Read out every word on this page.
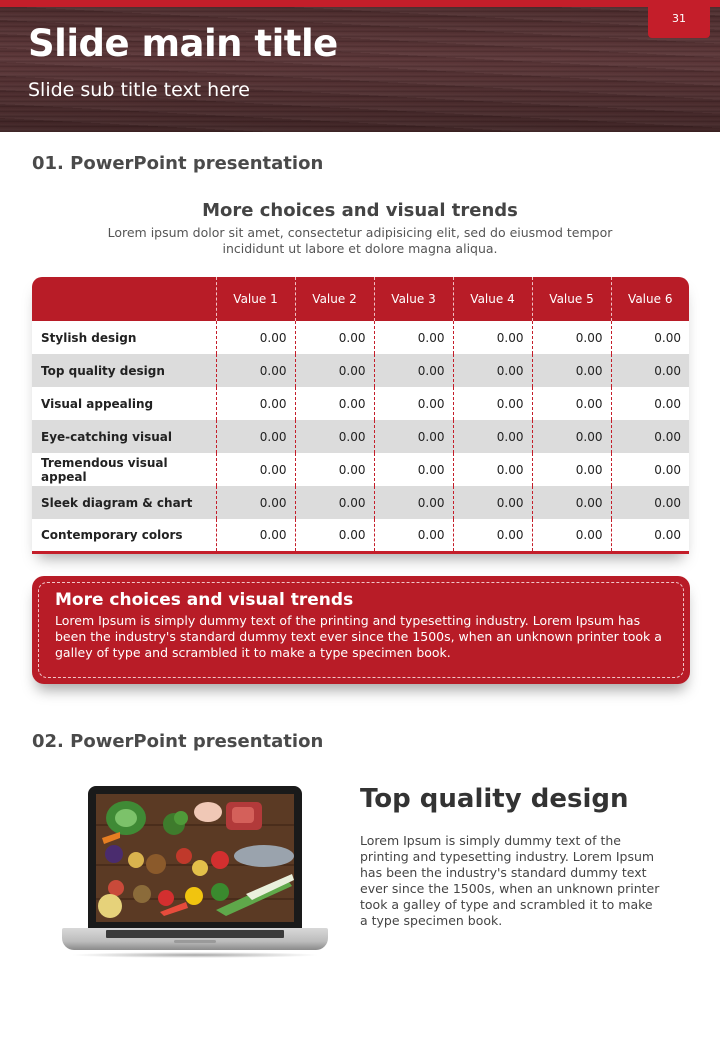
31
Slide main title
Slide sub title text here
01. PowerPoint presentation
More choices and visual trends
Lorem ipsum dolor sit amet, consectetur adipisicing elit, sed do eiusmod tempor incididunt ut labore et dolore magna aliqua.
	Value 1	Value 2	Value 3	Value 4	Value 5	Value 6
Stylish design	0.00	0.00	0.00	0.00	0.00	0.00
Top quality design	0.00	0.00	0.00	0.00	0.00	0.00
Visual appealing	0.00	0.00	0.00	0.00	0.00	0.00
Eye-catching visual	0.00	0.00	0.00	0.00	0.00	0.00
Tremendous visual appeal	0.00	0.00	0.00	0.00	0.00	0.00
Sleek diagram & chart	0.00	0.00	0.00	0.00	0.00	0.00
Contemporary colors	0.00	0.00	0.00	0.00	0.00	0.00
More choices and visual trends
Lorem Ipsum is simply dummy text of the printing and typesetting industry. Lorem Ipsum has been the industry's standard dummy text ever since the 1500s, when an unknown printer took a galley of type and scrambled it to make a type specimen book.
02. PowerPoint presentation
Top quality design
Lorem Ipsum is simply dummy text of the printing and typesetting industry. Lorem Ipsum has been the industry's standard dummy text ever since the 1500s, when an unknown printer took a galley of type and scrambled it to make a type specimen book.
